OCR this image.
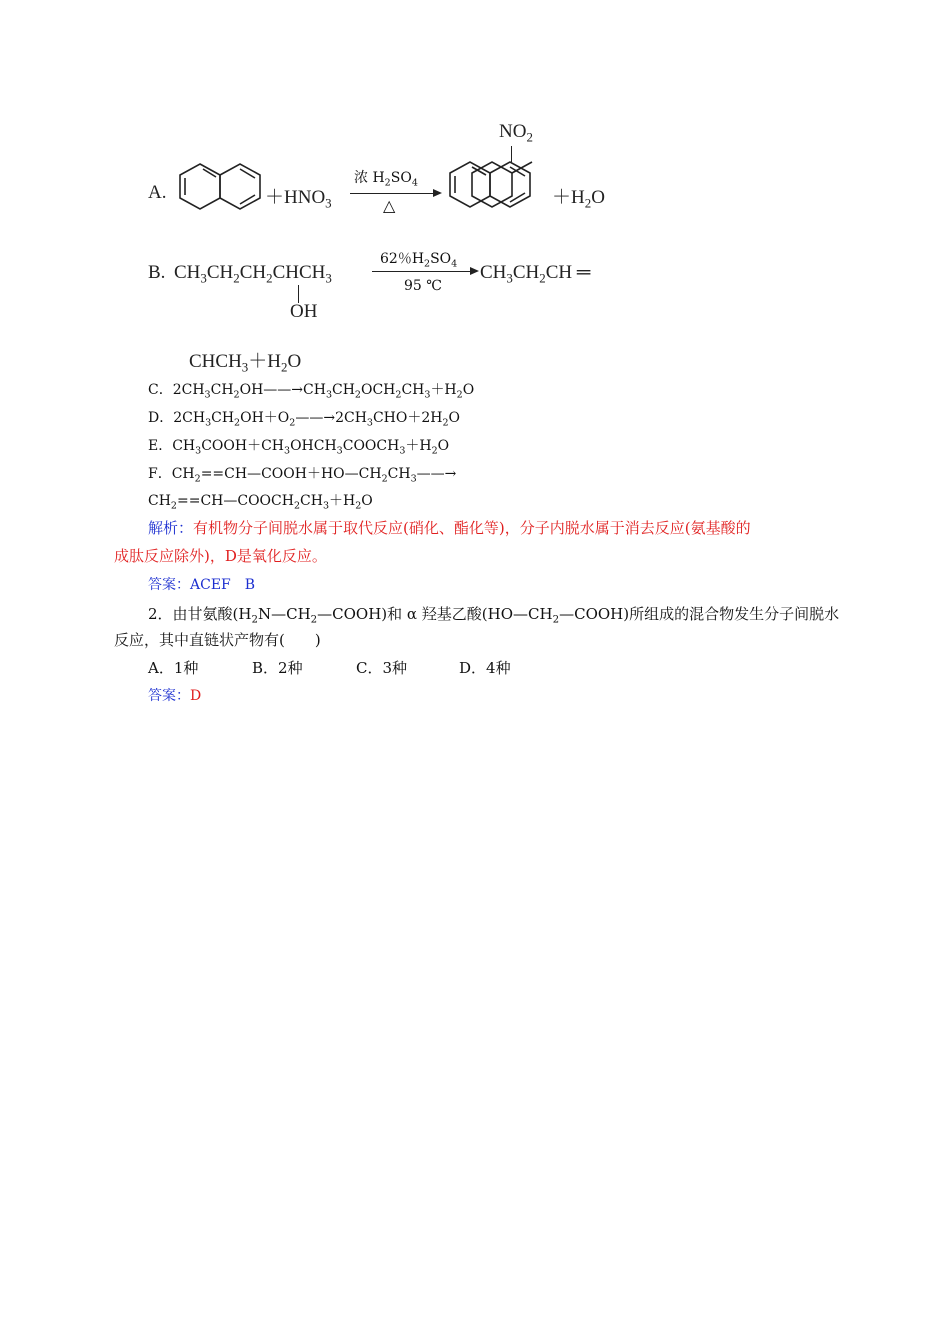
A.	$+HNO_3$
浓 $H_2SO_4$
△
$NO_2$
$+H_2O$
B. $CH_3CH_2CH_2CHCH_3$
OH
62％$H_2SO_4$
95 ℃
$CH_3CH_2CH$ ═
$CHCH_3+H_2O$
C．$2CH_3CH_2OH——\to CH_3CH_2OCH_2CH_3+H_2O$
D．$2CH_3CH_2OH+O_2——\to 2CH_3CHO+2H_2O$
E．$CH_3COOH+CH_3OHCH_3COOCH_3+H_2O$
F．$CH_2==CH—COOH+HO—CH_2CH_3——\to$
$CH_2==CH—COOCH_2CH_3+H_2O$
解析：有机物分子间脱水属于取代反应(硝化、酯化等)，分子内脱水属于消去反应(氨基酸的
成肽反应除外)，D是氧化反应。
答案：ACEF　B
2．由甘氨酸$(H_2N—CH_2—COOH)$和 α 羟基乙酸$(HO—CH_2—COOH)$所组成的混合物发生分子间脱水
反应，其中直链状产物有(　　)
A．1种	B．2种	C．3种	D．4种
答案：D
